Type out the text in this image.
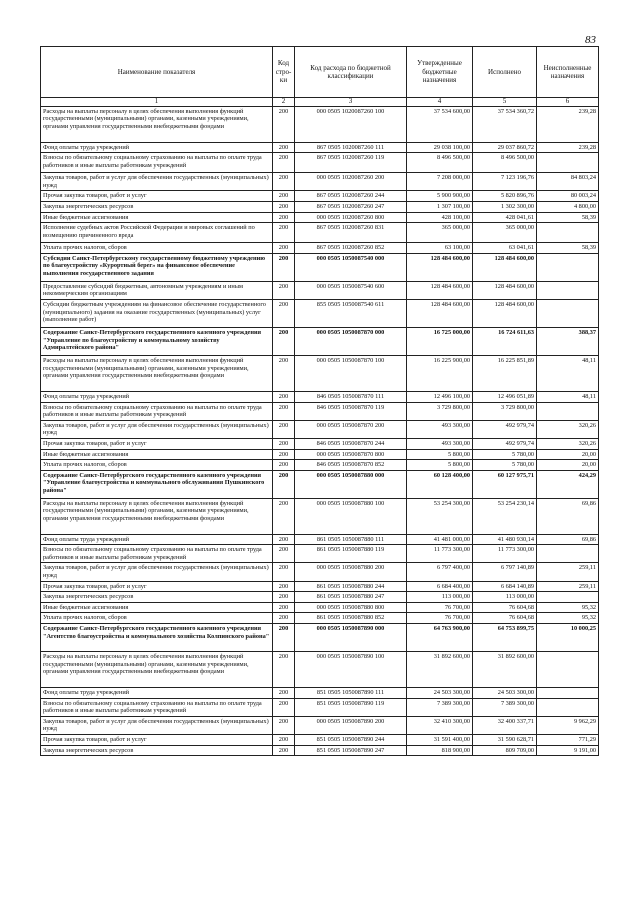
83
Наименование показателя	Код стро-ки	Код расхода по бюджетной классификации	Утвержденные бюджетные назначения	Исполнено	Неисполненные назначения
1	2	3	4	5	6
Расходы на выплаты персоналу в целях обеспечения выполнения функций государственными (муниципальными) органами, казенными учреждениями, органами управления государственными внебюджетными фондами	200	000 0505 1020087260 100	37 534 600,00	37 534 360,72	239,28
Фонд оплаты труда учреждений	200	867 0505 1020087260 111	29 038 100,00	29 037 860,72	239,28
Взносы по обязательному социальному страхованию на выплаты по оплате труда работников и иные выплаты работникам учреждений	200	867 0505 1020087260 119	8 496 500,00	8 496 500,00	
Закупка товаров, работ и услуг для обеспечения государственных (муниципальных) нужд	200	000 0505 1020087260 200	7 208 000,00	7 123 196,76	84 803,24
Прочая закупка товаров, работ и услуг	200	867 0505 1020087260 244	5 900 900,00	5 820 896,76	80 003,24
Закупка энергетических ресурсов	200	867 0505 1020087260 247	1 307 100,00	1 302 300,00	4 800,00
Иные бюджетные ассигнования	200	000 0505 1020087260 800	428 100,00	428 041,61	58,39
Исполнение судебных актов Российской Федерации и мировых соглашений по возмещению причиненного вреда	200	867 0505 1020087260 831	365 000,00	365 000,00	
Уплата прочих налогов, сборов	200	867 0505 1020087260 852	63 100,00	63 041,61	58,39
Субсидии Санкт-Петербургскому государственному бюджетному учреждению по благоустройству «Курортный берег» на финансовое обеспечение выполнения государственного задания	200	000 0505 1050087540 000	128 484 600,00	128 484 600,00	
Предоставление субсидий бюджетным, автономным учреждениям и иным некоммерческим организациям	200	000 0505 1050087540 600	128 484 600,00	128 484 600,00	
Субсидии бюджетным учреждениям на финансовое обеспечение государственного (муниципального) задания на оказание государственных (муниципальных) услуг (выполнение работ)	200	855 0505 1050087540 611	128 484 600,00	128 484 600,00	
Содержание Санкт-Петербургского государственного казенного учреждения "Управление по благоустройству и коммунальному хозяйству Адмиралтейского района"	200	000 0505 1050087870 000	16 725 000,00	16 724 611,63	388,37
Расходы на выплаты персоналу в целях обеспечения выполнения функций государственными (муниципальными) органами, казенными учреждениями, органами управления государственными внебюджетными фондами	200	000 0505 1050087870 100	16 225 900,00	16 225 851,89	48,11
Фонд оплаты труда учреждений	200	846 0505 1050087870 111	12 496 100,00	12 496 051,89	48,11
Взносы по обязательному социальному страхованию на выплаты по оплате труда работников и иные выплаты работникам учреждений	200	846 0505 1050087870 119	3 729 800,00	3 729 800,00	
Закупка товаров, работ и услуг для обеспечения государственных (муниципальных) нужд	200	000 0505 1050087870 200	493 300,00	492 979,74	320,26
Прочая закупка товаров, работ и услуг	200	846 0505 1050087870 244	493 300,00	492 979,74	320,26
Иные бюджетные ассигнования	200	000 0505 1050087870 800	5 800,00	5 780,00	20,00
Уплата прочих налогов, сборов	200	846 0505 1050087870 852	5 800,00	5 780,00	20,00
Содержание Санкт-Петербургского государственного казенного учреждения "Управление благоустройства и коммунального обслуживания Пушкинского района"	200	000 0505 1050087880 000	60 128 400,00	60 127 975,71	424,29
Расходы на выплаты персоналу в целях обеспечения выполнения функций государственными (муниципальными) органами, казенными учреждениями, органами управления государственными внебюджетными фондами	200	000 0505 1050087880 100	53 254 300,00	53 254 230,14	69,86
Фонд оплаты труда учреждений	200	861 0505 1050087880 111	41 481 000,00	41 480 930,14	69,86
Взносы по обязательному социальному страхованию на выплаты по оплате труда работников и иные выплаты работникам учреждений	200	861 0505 1050087880 119	11 773 300,00	11 773 300,00	
Закупка товаров, работ и услуг для обеспечения государственных (муниципальных) нужд	200	000 0505 1050087880 200	6 797 400,00	6 797 140,89	259,11
Прочая закупка товаров, работ и услуг	200	861 0505 1050087880 244	6 684 400,00	6 684 140,89	259,11
Закупка энергетических ресурсов	200	861 0505 1050087880 247	113 000,00	113 000,00	
Иные бюджетные ассигнования	200	000 0505 1050087880 800	76 700,00	76 604,68	95,32
Уплата прочих налогов, сборов	200	861 0505 1050087880 852	76 700,00	76 604,68	95,32
Содержание Санкт-Петербургского государственного казенного учреждения "Агентство благоустройства и коммунального хозяйства Колпинского района"	200	000 0505 1050087890 000	64 763 900,00	64 753 899,75	10 000,25
Расходы на выплаты персоналу в целях обеспечения выполнения функций государственными (муниципальными) органами, казенными учреждениями, органами управления государственными внебюджетными фондами	200	000 0505 1050087890 100	31 892 600,00	31 892 600,00	
Фонд оплаты труда учреждений	200	851 0505 1050087890 111	24 503 300,00	24 503 300,00	
Взносы по обязательному социальному страхованию на выплаты по оплате труда работников и иные выплаты работникам учреждений	200	851 0505 1050087890 119	7 389 300,00	7 389 300,00	
Закупка товаров, работ и услуг для обеспечения государственных (муниципальных) нужд	200	000 0505 1050087890 200	32 410 300,00	32 400 337,71	9 962,29
Прочая закупка товаров, работ и услуг	200	851 0505 1050087890 244	31 591 400,00	31 590 628,71	771,29
Закупка энергетических ресурсов	200	851 0505 1050087890 247	818 900,00	809 709,00	9 191,00
